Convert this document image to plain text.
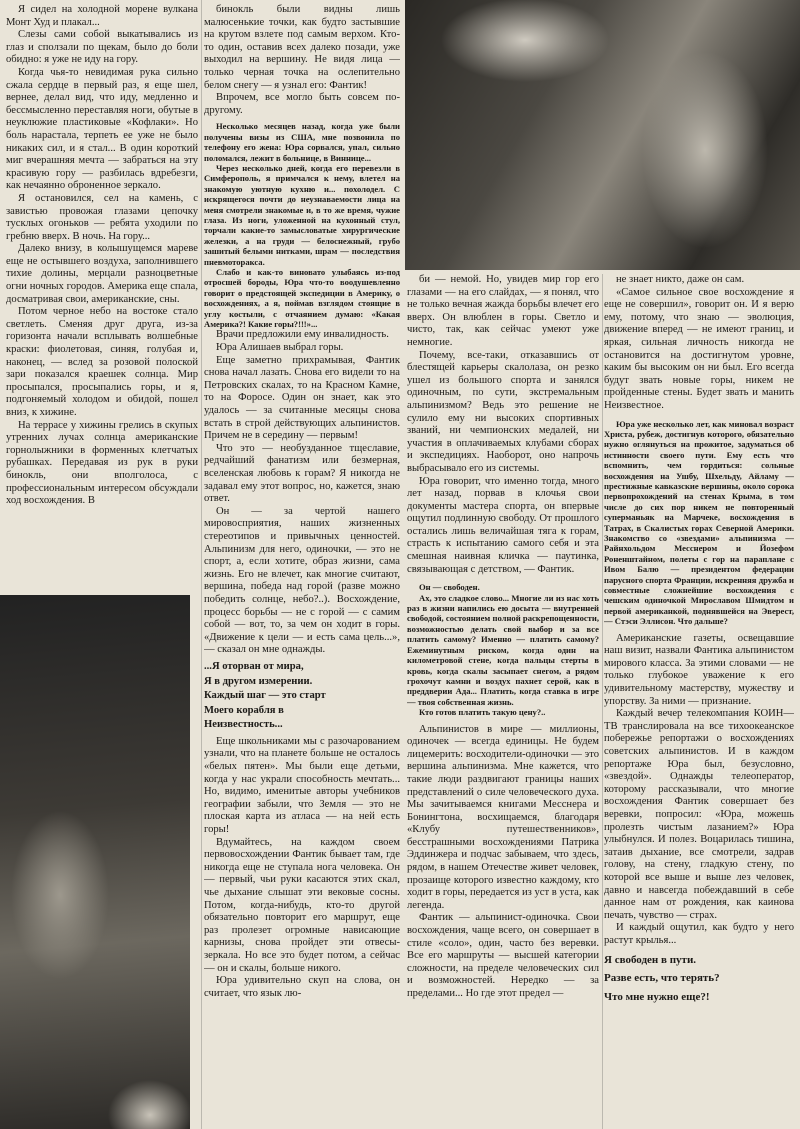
Я сидел на холодной морене вулкана Монт Худ и плакал...

Слезы сами собой выкатывались из глаз и сползали по щекам, было до боли обидно: я уже не иду на гору.

Когда чья-то невидимая рука сильно сжала сердце в первый раз, я еще шел, вернее, делал вид, что иду, медленно и бессмысленно переставляя ноги, обутые в неуклюжие пластиковые «Кофлаки». Но боль нарастала, терпеть ее уже не было никаких сил, и я стал... В один короткий миг вчерашняя мечта — забраться на эту красивую гору — разбилась вдребезги, как нечаянно оброненное зеркало.

Я остановился, сел на камень, с завистью провожая глазами цепочку тусклых огоньков — ребята уходили по гребню вверх. В ночь. На гору...

Далеко внизу, в колышущемся мареве еще не остывшего воздуха, заполнившего тихие долины, мерцали разноцветные огни ночных городов. Америка еще спала, досматривая свои, американские, сны.

Потом черное небо на востоке стало светлеть. Сменяя друг друга, из-за горизонта начали всплывать волшебные краски: фиолетовая, синяя, голубая и, наконец, — вслед за розовой полоской зари показался краешек солнца. Мир просыпался, просыпались горы, и я, подгоняемый холодом и обидой, пошел вниз, к хижине.

На террасе у хижины грелись в скупых утренних лучах солнца американские горнолыжники в форменных клетчатых рубашках. Передавая из рук в руки бинокль, они вполголоса, с профессиональным интересом обсуждали ход восхождения. В

бинокль были видны лишь малюсенькие точки, как будто застывшие на крутом взлете под самым верхом. Кто-то один, оставив всех далеко позади, уже выходил на вершину. Не видя лица — только черная точка на ослепительно белом снегу — я узнал его: Фантик!

Впрочем, все могло быть совсем по-другому.

Несколько месяцев назад, когда уже были получены визы из США, мне позвонила по телефону его жена: Юра сорвался, упал, сильно поломался, лежит в больнице, в Виннице...

Через несколько дней, когда его перевезли в Симферополь, я примчался к нему, влетел на знакомую уютную кухню и... похолодел. С искрящегося почти до неузнаваемости лица на меня смотрели знакомые и, в то же время, чужие глаза. Из ноги, уложенной на кухонный стул, торчали какие-то замысловатые хирургические железки, а на груди — белоснежный, грубо зашитый белыми нитками, шрам — последствия пневмоторакса.

Слабо и как-то виновато улыбаясь из-под отросшей бороды, Юра что-то воодушевленно говорит о предстоящей экспедиции в Америку, о восхождениях, а я, поймав взглядом стоящие в углу костыли, с отчаянием думаю: «Какая Америка?! Какие горы?!!!»...

Врачи предложили ему инвалидность.

Юра Алишаев выбрал горы.

Еще заметно прихрамывая, Фантик снова начал лазать. Снова его видели то на Петровских скалах, то на Красном Камне, то на Форосе. Один он знает, как это удалось — за считанные месяцы снова встать в строй действующих альпинистов. Причем не в середину — первым!

Что это — необузданное тщеславие, редчайший фанатизм или безмерная, вселенская любовь к горам? Я никогда не задавал ему этот вопрос, но, кажется, знаю ответ.

Он — за чертой нашего мировосприятия, наших жизненных стереотипов и привычных ценностей. Альпинизм для него, одиночки, — это не спорт, а, если хотите, образ жизни, сама жизнь. Его не влечет, как многие считают, вершина, победа над горой (разве можно победить солнце, небо?..). Восхождение, процесс борьбы — не с горой — с самим собой — вот, то, за чем он ходит в горы. «Движение к цели — и есть сама цель...», — сказал он мне однажды.

...Я оторван от мира,

Я в другом измерении.

Каждый шаг — это старт

Моего корабля в

Неизвестность...

Еще школьниками мы с разочарованием узнали, что на планете больше не осталось «белых пятен». Мы были еще детьми, когда у нас украли способность мечтать... Но, видимо, именитые авторы учебников географии забыли, что Земля — это не плоская карта из атласа — на ней есть горы!

Вдумайтесь, на каждом своем первовосхождении Фантик бывает там, где никогда еще не ступала нога человека. Он — первый, чьи руки касаются этих скал, чье дыхание слышат эти вековые сосны. Потом, когда-нибудь, кто-то другой обязательно повторит его маршрут, еще раз пролезет огромные нависающие карнизы, снова пройдет эти отвесы-зеркала. Но все это будет потом, а сейчас — он и скалы, больше никого.

Юра удивительно скуп на слова, он считает, что язык лю-

би — немой. Но, увидев мир гор его глазами — на его слайдах, — я понял, что не только вечная жажда борьбы влечет его вверх. Он влюблен в горы. Светло и чисто, так, как сейчас умеют уже немногие.

Почему, все-таки, отказавшись от блестящей карьеры скалолаза, он резко ушел из большого спорта и занялся одиночным, по сути, экстремальным альпинизмом? Ведь это решение не сулило ему ни высоких спортивных званий, ни чемпионских медалей, ни участия в оплачиваемых клубами сборах и экспедициях. Наоборот, оно напрочь выбрасывало его из системы.

Юра говорит, что именно тогда, много лет назад, порвав в клочья свои документы мастера спорта, он впервые ощутил подлинную свободу. От прошлого остались лишь величайшая тяга к горам, страсть к испытанию самого себя и эта смешная наивная кличка — паутинка, связывающая с детством, — Фантик.

Он — свободен.

Ах, это сладкое слово... Многие ли из нас хоть раз в жизни напились ею досыта — внутренней свободой, состоянием полной раскрепощенности, возможностью делать свой выбор и за все платить самому? Именно — платить самому? Ежеминутным риском, когда один на километровой стене, когда пальцы стерты в кровь, когда скалы засыпает снегом, а рядом грохочут камни и воздух пахнет серой, как в преддверии Ада... Платить, когда ставка в игре — твоя собственная жизнь.

Кто готов платить такую цену?..

Альпинистов в мире — миллионы, одиночек — всегда единицы. Не будем лицемерить: восходители-одиночки — это вершина альпинизма. Мне кажется, что такие люди раздвигают границы наших представлений о силе человеческого духа. Мы зачитываемся книгами Месснера и Бонингтона, восхищаемся, благодаря «Клубу путешественников», бесстрашными восхождениями Патрика Эддинжера и подчас забываем, что здесь, рядом, в нашем Отечестве живет человек, прозаище которого известно каждому, кто ходит в горы, передается из уст в уста, как легенда.

Фантик — альпинист-одиночка. Свои восхождения, чаще всего, он совершает в стиле «соло», один, часто без веревки. Все его маршруты — высшей категории сложности, на пределе человеческих сил и возможностей. Нередко — за пределами... Но где этот предел —

не знает никто, даже он сам.

«Самое сильное свое восхождение я еще не совершил», говорит он. И я верю ему, потому, что знаю — эволюция, движение вперед — не имеют границ, и яркая, сильная личность никогда не остановится на достигнутом уровне, каким бы высоким он ни был. Его всегда будут звать новые горы, никем не пройденные стены. Будет звать и манить Неизвестное.

Юра уже несколько лет, как миновал возраст Христа, рубеж, достигнув которого, обязательно нужно оглянуться на прожитое, задуматься об истинности своего пути. Ему есть что вспомнить, чем гордиться: сольные восхождения на Ушбу, Шхельду, Айламу — престижные кавказские вершины, около сорока первопрохождений на стенах Крыма, в том числе до сих пор никем не повторенный суперманьяк на Марчеке, восхождения в Татрах, в Скалистых горах Северной Америки. Знакомство со «звездами» альпинизма — Райнхольдом Месснером и Йозефом Роненштайном, полеты с гор на параплане с Ивом Балю — президентом федерации парусного спорта Франции, искренняя дружба и совместные сложнейшие восхождения с чешским одиночкой Мирославом Шмидтом и первой американкой, поднявшейся на Эверест, — Стэси Эллисон. Что дальше?

Американские газеты, освещавшие наш визит, назвали Фантика альпинистом мирового класса. За этими словами — не только глубокое уважение к его удивительному мастерству, мужеству и упорству. За ними — признание.

Каждый вечер телекомпания КОИН—ТВ транслировала на все тихоокеанское побережье репортажи о восхождениях советских альпинистов. И в каждом репортаже Юра был, безусловно, «звездой». Однажды телеоператор, которому рассказывали, что многие восхождения Фантик совершает без веревки, попросил: «Юра, можешь пролезть чистым лазанием?» Юра улыбнулся. И полез. Воцарилась тишина, затаив дыхание, все смотрели, задрав голову, на стену, гладкую стену, по которой все выше и выше лез человек, давно и навсегда побеждавший в себе данное нам от рождения, как каинова печать, чувство — страх.

И каждый ощутил, как будто у него растут крылья...

Я свободен в пути.

Разве есть, что терять?

Что мне нужно еще?!
